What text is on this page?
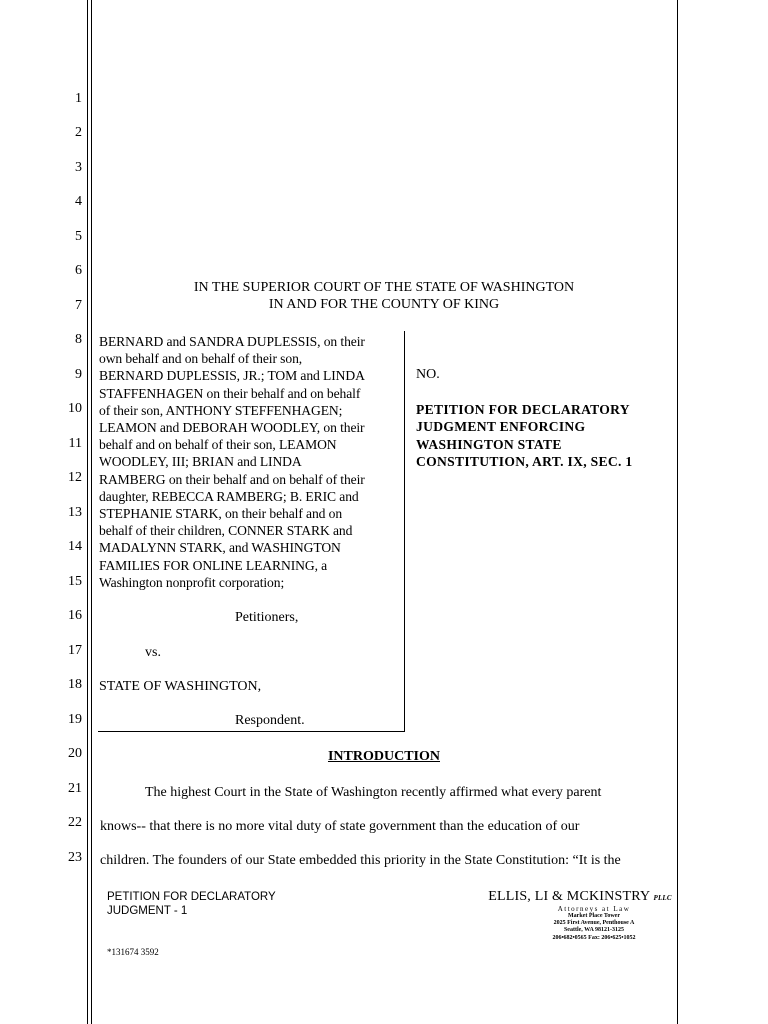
1
2
3
4
5
6
7
8
9
10
11
12
13
14
15
16
17
18
19
20
21
22
23
IN THE SUPERIOR COURT OF THE STATE OF WASHINGTON
IN AND FOR THE COUNTY OF KING
BERNARD and SANDRA DUPLESSIS, on their
own behalf and on behalf of their son,
BERNARD DUPLESSIS, JR.; TOM and LINDA
STAFFENHAGEN on their behalf and on behalf
of their son, ANTHONY STEFFENHAGEN;
LEAMON and DEBORAH WOODLEY, on their
behalf and on behalf of their son, LEAMON
WOODLEY, III; BRIAN and LINDA
RAMBERG on their behalf and on behalf of their
daughter, REBECCA RAMBERG; B. ERIC and
STEPHANIE STARK, on their behalf and on
behalf of their children, CONNER STARK and
MADALYNN STARK, and WASHINGTON
FAMILIES FOR ONLINE LEARNING, a
Washington nonprofit corporation;
Petitioners,
vs.
STATE OF WASHINGTON,
Respondent.
NO.
PETITION FOR DECLARATORY
JUDGMENT ENFORCING
WASHINGTON STATE
CONSTITUTION, ART. IX, SEC. 1
INTRODUCTION
The highest Court in the State of Washington recently affirmed what every parent
knows-- that there is no more vital duty of state government than the education of our
children. The founders of our State embedded this priority in the State Constitution: “It is the
PETITION FOR DECLARATORY
JUDGMENT - 1
*131674 3592
ELLIS, LI & MCKINSTRY PLLC
Attorneys at Law
Market Place Tower
2025 First Avenue, Penthouse A
Seattle, WA 98121-3125
206•682•0565 Fax: 206•625•1052
